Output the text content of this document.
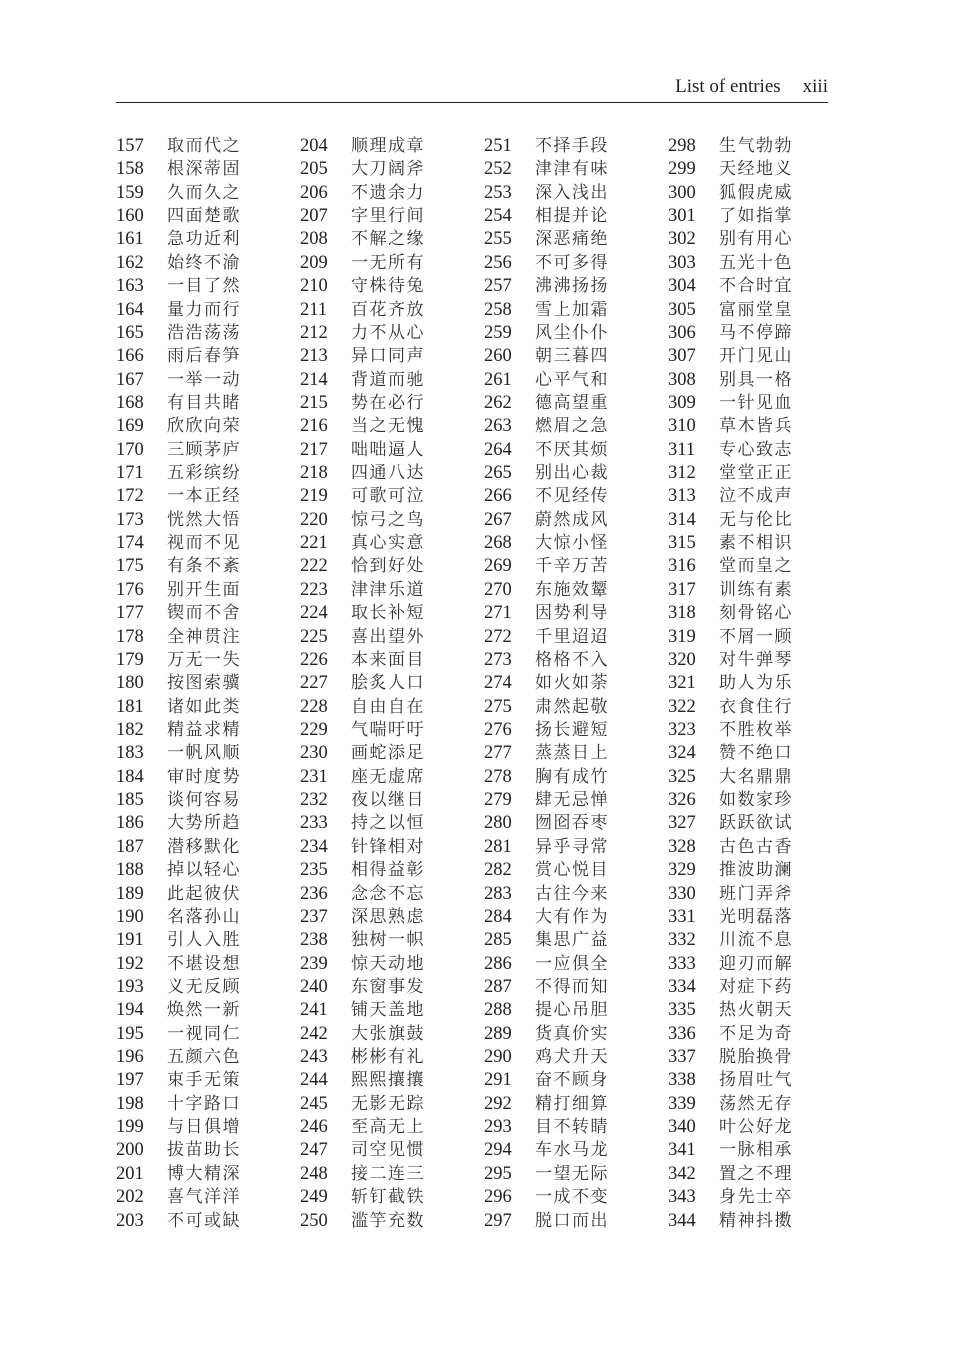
List of entries xiii
157 取而代之
158 根深蒂固
159 久而久之
160 四面楚歌
161 急功近利
162 始终不渝
163 一目了然
164 量力而行
165 浩浩荡荡
166 雨后春笋
167 一举一动
168 有目共睹
169 欣欣向荣
170 三顾茅庐
171 五彩缤纷
172 一本正经
173 恍然大悟
174 视而不见
175 有条不紊
176 别开生面
177 锲而不舍
178 全神贯注
179 万无一失
180 按图索骥
181 诸如此类
182 精益求精
183 一帆风顺
184 审时度势
185 谈何容易
186 大势所趋
187 潜移默化
188 掉以轻心
189 此起彼伏
190 名落孙山
191 引人入胜
192 不堪设想
193 义无反顾
194 焕然一新
195 一视同仁
196 五颜六色
197 束手无策
198 十字路口
199 与日俱增
200 拔苗助长
201 博大精深
202 喜气洋洋
203 不可或缺
204 顺理成章
205 大刀阔斧
206 不遗余力
207 字里行间
208 不解之缘
209 一无所有
210 守株待兔
211 百花齐放
212 力不从心
213 异口同声
214 背道而驰
215 势在必行
216 当之无愧
217 咄咄逼人
218 四通八达
219 可歌可泣
220 惊弓之鸟
221 真心实意
222 恰到好处
223 津津乐道
224 取长补短
225 喜出望外
226 本来面目
227 脍炙人口
228 自由自在
229 气喘吁吁
230 画蛇添足
231 座无虚席
232 夜以继日
233 持之以恒
234 针锋相对
235 相得益彰
236 念念不忘
237 深思熟虑
238 独树一帜
239 惊天动地
240 东窗事发
241 铺天盖地
242 大张旗鼓
243 彬彬有礼
244 熙熙攘攘
245 无影无踪
246 至高无上
247 司空见惯
248 接二连三
249 斩钉截铁
250 滥竽充数
251 不择手段
252 津津有味
253 深入浅出
254 相提并论
255 深恶痛绝
256 不可多得
257 沸沸扬扬
258 雪上加霜
259 风尘仆仆
260 朝三暮四
261 心平气和
262 德高望重
263 燃眉之急
264 不厌其烦
265 别出心裁
266 不见经传
267 蔚然成风
268 大惊小怪
269 千辛万苦
270 东施效颦
271 因势利导
272 千里迢迢
273 格格不入
274 如火如荼
275 肃然起敬
276 扬长避短
277 蒸蒸日上
278 胸有成竹
279 肆无忌惮
280 囫囵吞枣
281 异乎寻常
282 赏心悦目
283 古往今来
284 大有作为
285 集思广益
286 一应俱全
287 不得而知
288 提心吊胆
289 货真价实
290 鸡犬升天
291 奋不顾身
292 精打细算
293 目不转睛
294 车水马龙
295 一望无际
296 一成不变
297 脱口而出
298 生气勃勃
299 天经地义
300 狐假虎威
301 了如指掌
302 别有用心
303 五光十色
304 不合时宜
305 富丽堂皇
306 马不停蹄
307 开门见山
308 别具一格
309 一针见血
310 草木皆兵
311 专心致志
312 堂堂正正
313 泣不成声
314 无与伦比
315 素不相识
316 堂而皇之
317 训练有素
318 刻骨铭心
319 不屑一顾
320 对牛弹琴
321 助人为乐
322 衣食住行
323 不胜枚举
324 赞不绝口
325 大名鼎鼎
326 如数家珍
327 跃跃欲试
328 古色古香
329 推波助澜
330 班门弄斧
331 光明磊落
332 川流不息
333 迎刃而解
334 对症下药
335 热火朝天
336 不足为奇
337 脱胎换骨
338 扬眉吐气
339 荡然无存
340 叶公好龙
341 一脉相承
342 置之不理
343 身先士卒
344 精神抖擞
